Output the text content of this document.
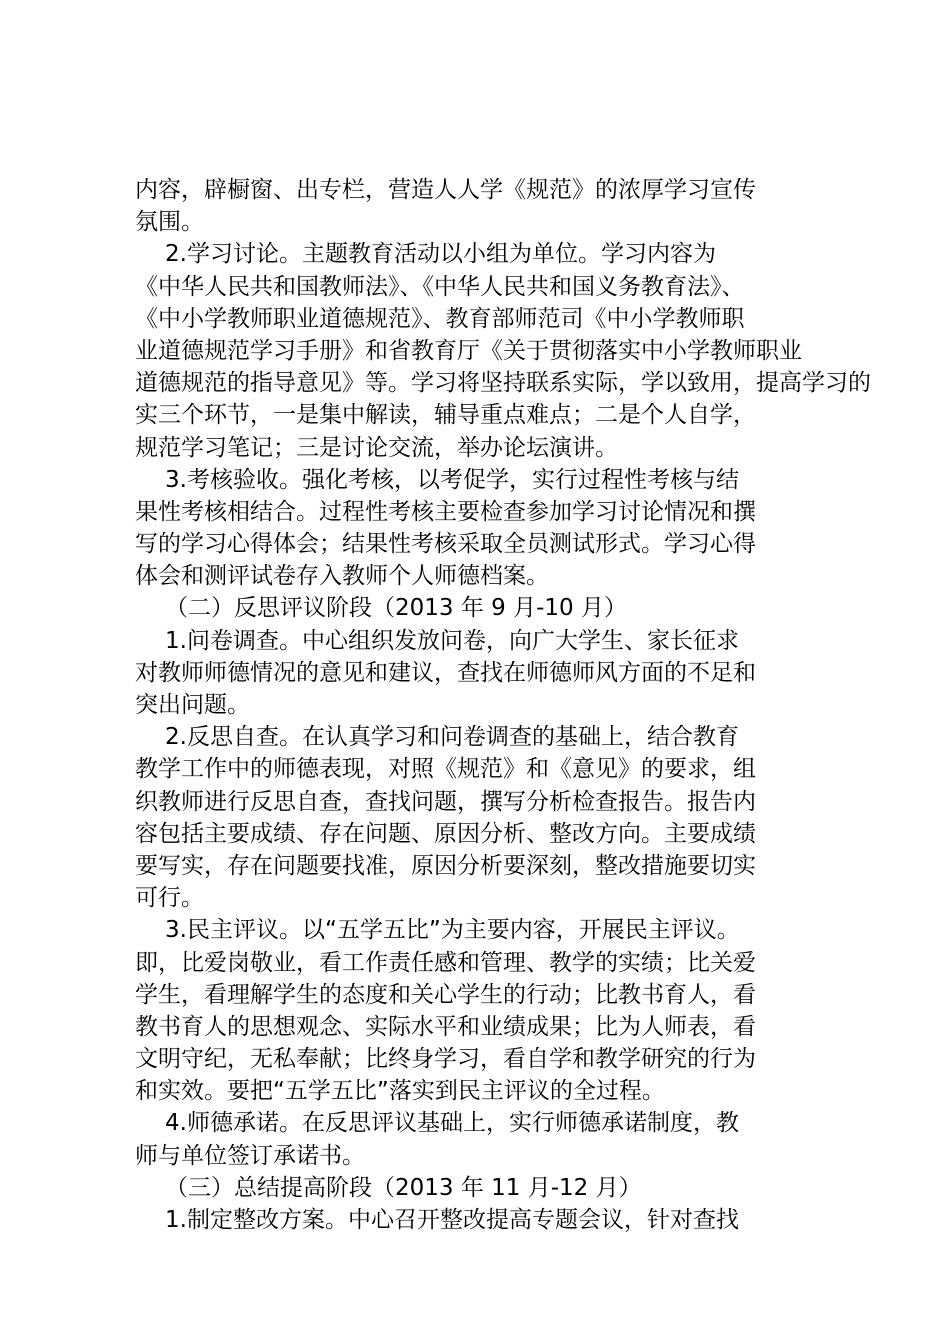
内容，辟橱窗、出专栏，营造人人学《规范》的浓厚学习宣传
氛围。
2.学习讨论。主题教育活动以小组为单位。学习内容为
《中华人民共和国教师法》、《中华人民共和国义务教育法》、
《中小学教师职业道德规范》、教育部师范司《中小学教师职
业道德规范学习手册》和省教育厅《关于贯彻落实中小学教师职业
道德规范的指导意见》等。学习将坚持联系实际，学以致用，提高学习的
实三个环节，一是集中解读，辅导重点难点；二是个人自学，
规范学习笔记；三是讨论交流，举办论坛演讲。
3.考核验收。强化考核，以考促学，实行过程性考核与结
果性考核相结合。过程性考核主要检查参加学习讨论情况和撰
写的学习心得体会；结果性考核采取全员测试形式。学习心得
体会和测评试卷存入教师个人师德档案。
（二）反思评议阶段（2013 年 9 月-10 月）
1.问卷调查。中心组织发放问卷，向广大学生、家长征求
对教师师德情况的意见和建议，查找在师德师风方面的不足和
突出问题。
2.反思自查。在认真学习和问卷调查的基础上，结合教育
教学工作中的师德表现，对照《规范》和《意见》的要求，组
织教师进行反思自查，查找问题，撰写分析检查报告。报告内
容包括主要成绩、存在问题、原因分析、整改方向。主要成绩
要写实，存在问题要找准，原因分析要深刻，整改措施要切实
可行。
3.民主评议。以“五学五比”为主要内容，开展民主评议。
即，比爱岗敬业，看工作责任感和管理、教学的实绩；比关爱
学生，看理解学生的态度和关心学生的行动；比教书育人，看
教书育人的思想观念、实际水平和业绩成果；比为人师表，看
文明守纪，无私奉献；比终身学习，看自学和教学研究的行为
和实效。要把“五学五比”落实到民主评议的全过程。
4.师德承诺。在反思评议基础上，实行师德承诺制度，教
师与单位签订承诺书。
（三）总结提高阶段（2013 年 11 月-12 月）
1.制定整改方案。中心召开整改提高专题会议，针对查找
